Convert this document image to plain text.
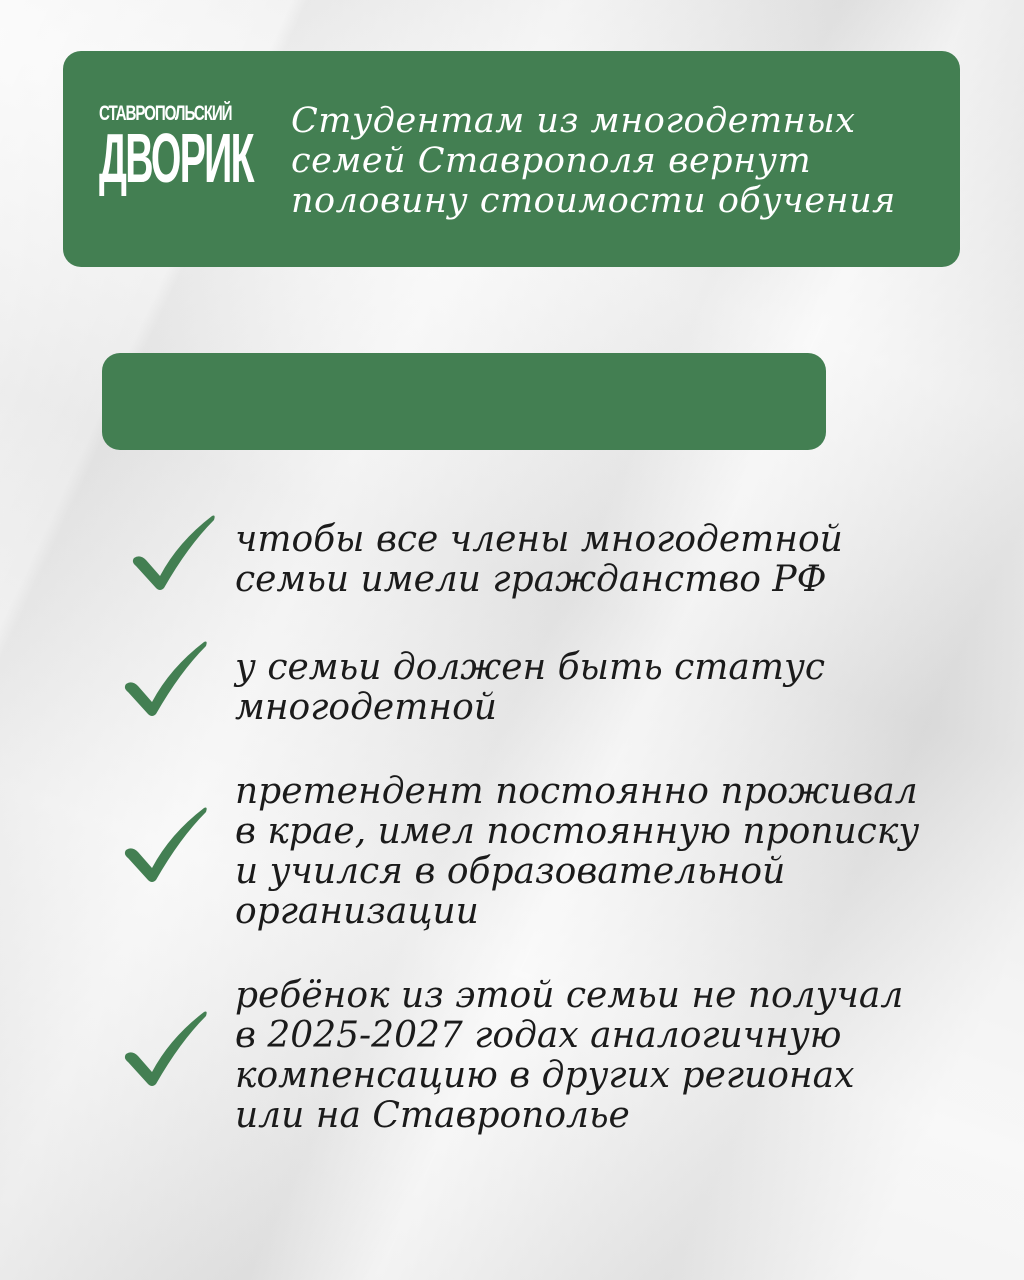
СТАВРОПОЛЬСКИЙ
ДВОРИК Студентам из многодетных
семей Ставрополя вернут
половину стоимости обучения
чтобы все члены многодетной
семьи имели гражданство РФ
у семьи должен быть статус
многодетной
претендент постоянно проживал
в крае, имел постоянную прописку
и учился в образовательной
организации
ребёнок из этой семьи не получал
в 2025-2027 годах аналогичную
компенсацию в других регионах
или на Ставрополье
